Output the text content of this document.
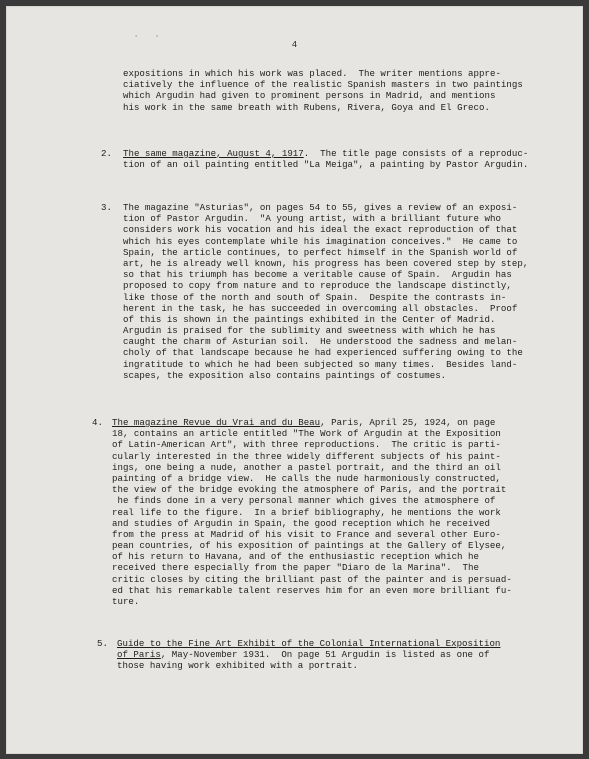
·    ·
4
expositions in which his work was placed.  The writer mentions appre-
ciatively the influence of the realistic Spanish masters in two paintings
which Argudin had given to prominent persons in Madrid, and mentions
his work in the same breath with Rubens, Rivera, Goya and El Greco.
2. The same magazine, August 4, 1917.  The title page consists of a reproduc-
tion of an oil painting entitled "La Meiga", a painting by Pastor Argudin.
3. The magazine "Asturias", on pages 54 to 55, gives a review of an exposi-
tion of Pastor Argudin.  "A young artist, with a brilliant future who
considers work his vocation and his ideal the exact reproduction of that
which his eyes contemplate while his imagination conceives."  He came to
Spain, the article continues, to perfect himself in the Spanish world of
art, he is already well known, his progress has been covered step by step,
so that his triumph has become a veritable cause of Spain.  Argudin has
proposed to copy from nature and to reproduce the landscape distinctly,
like those of the north and south of Spain.  Despite the contrasts in-
herent in the task, he has succeeded in overcoming all obstacles.  Proof
of this is shown in the paintings exhibited in the Center of Madrid.
Argudin is praised for the sublimity and sweetness with which he has
caught the charm of Asturian soil.  He understood the sadness and melan-
choly of that landscape because he had experienced suffering owing to the
ingratitude to which he had been subjected so many times.  Besides land-
scapes, the exposition also contains paintings of costumes.
4. The magazine Revue du Vrai and du Beau, Paris, April 25, 1924, on page
18, contains an article entitled "The Work of Argudin at the Exposition
of Latin-American Art", with three reproductions.  The critic is parti-
cularly interested in the three widely different subjects of his paint-
ings, one being a nude, another a pastel portrait, and the third an oil
painting of a bridge view.  He calls the nude harmoniously constructed,
the view of the bridge evoking the atmosphere of Paris, and the portrait
he finds done in a very personal manner which gives the atmosphere of
real life to the figure.  In a brief bibliography, he mentions the work
and studies of Argudin in Spain, the good reception which he received
from the press at Madrid of his visit to France and several other Euro-
pean countries, of his exposition of paintings at the Gallery of Elysee,
of his return to Havana, and of the enthusiastic reception which he
received there especially from the paper "Diaro de la Marina".  The
critic closes by citing the brilliant past of the painter and is persuad-
ed that his remarkable talent reserves him for an even more brilliant fu-
ture.
5. Guide to the Fine Art Exhibit of the Colonial International Exposition
of Paris, May-November 1931.  On page 51 Argudin is listed as one of
those having work exhibited with a portrait.
